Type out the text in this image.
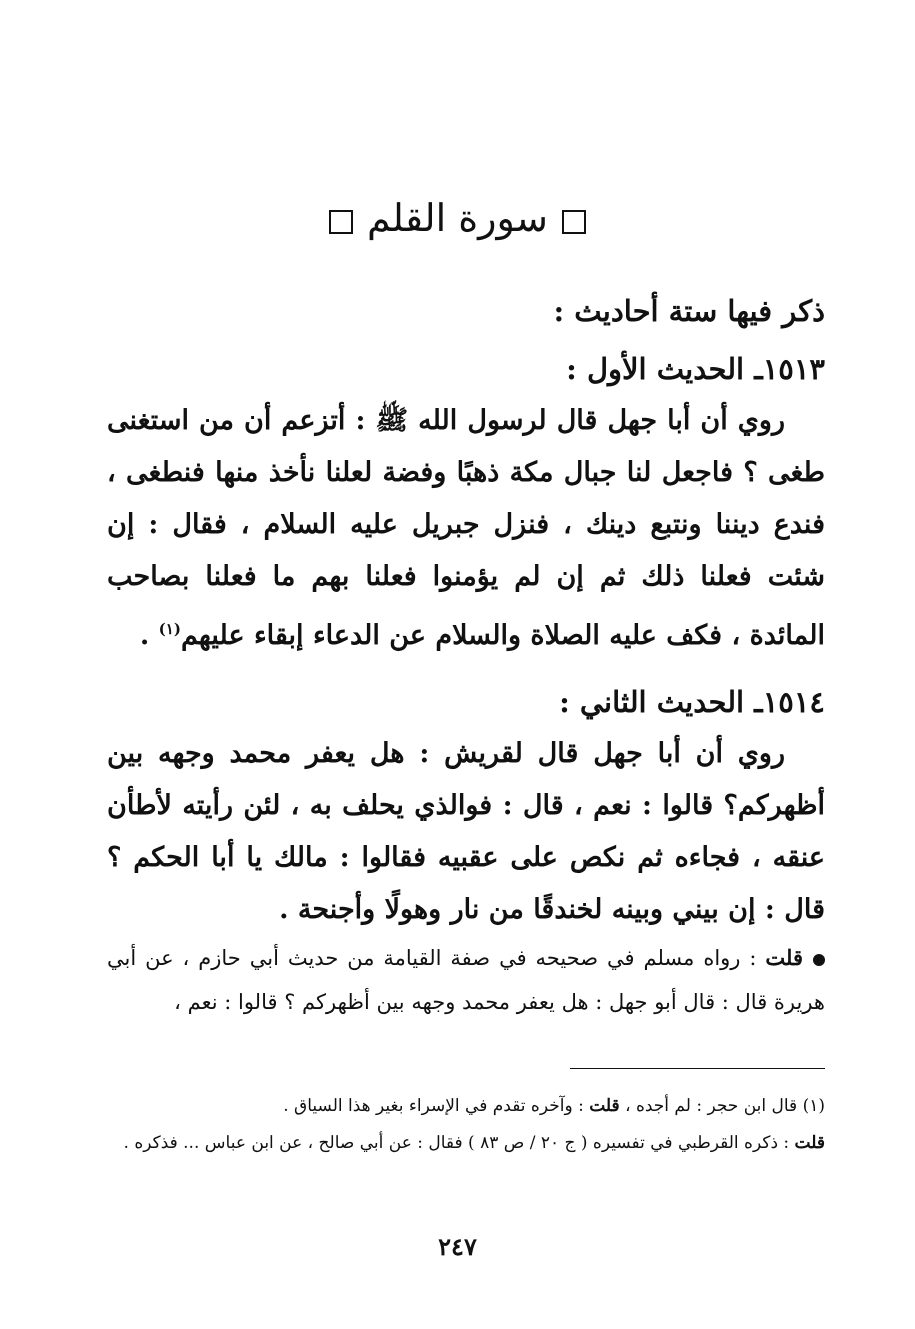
سورة القلم

ذكر فيها ستة أحاديث :

١٥١٣ـ الحديث الأول :

روي أن أبا جهل قال لرسول الله ﷺ : أتزعم أن من استغنى طغى ؟ فاجعل لنا جبال مكة ذهبًا وفضة لعلنا نأخذ منها فنطغى ، فندع ديننا ونتبع دينك ، فنزل جبريل عليه السلام ، فقال : إن شئت فعلنا ذلك ثم إن لم يؤمنوا فعلنا بهم ما فعلنا بصاحب المائدة ، فكف عليه الصلاة والسلام عن الدعاء إبقاء عليهم$^{(١)}$ .

١٥١٤ـ الحديث الثاني :

روي أن أبا جهل قال لقريش : هل يعفر محمد وجهه بين أظهركم؟ قالوا : نعم ، قال : فوالذي يحلف به ، لئن رأيته لأطأن عنقه ، فجاءه ثم نكص على عقبيه فقالوا : مالك يا أبا الحكم ؟ قال : إن بيني وبينه لخندقًا من نار وهولًا وأجنحة .

قلت : رواه مسلم في صحيحه في صفة القيامة من حديث أبي حازم ، عن أبي هريرة قال : قال أبو جهل : هل يعفر محمد وجهه بين أظهركم ؟ قالوا : نعم ،

(١) قال ابن حجر : لم أجده ، قلت : وآخره تقدم في الإسراء بغير هذا السياق .

قلت : ذكره القرطبي في تفسيره ( ج ٢٠ / ص ٨٣ ) فقال : عن أبي صالح ، عن ابن عباس ... فذكره .

٢٤٧
